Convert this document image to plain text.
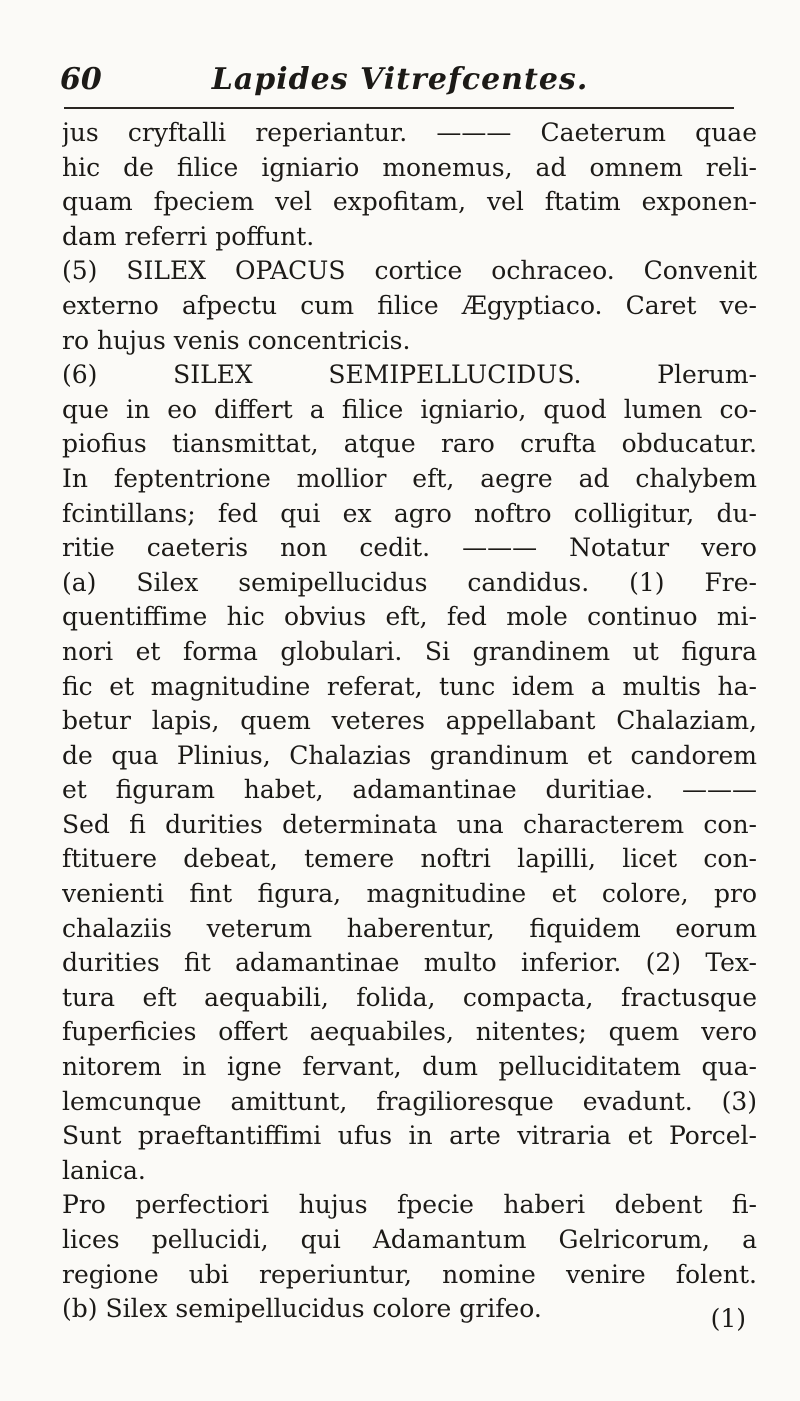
60	Lapides Vitrefcentes.
jus cryftalli reperiantur. ——— Caeterum quae
hic de filice igniario monemus, ad omnem reli-
quam fpeciem vel expofitam, vel ftatim exponen-
dam referri poffunt.
(5) SILEX OPACUS cortice ochraceo. Convenit
externo afpectu cum filice Ægyptiaco. Caret ve-
ro hujus venis concentricis.
(6) SILEX SEMIPELLUCIDUS. Plerum-
que in eo differt a filice igniario, quod lumen co-
piofius tiansmittat, atque raro crufta obducatur.
In feptentrione mollior eft, aegre ad chalybem
fcintillans; fed qui ex agro noftro colligitur, du-
ritie caeteris non cedit. ——— Notatur vero
(a) Silex semipellucidus candidus. (1) Fre-
quentiffime hic obvius eft, fed mole continuo mi-
nori et forma globulari. Si grandinem ut figura
fic et magnitudine referat, tunc idem a multis ha-
betur lapis, quem veteres appellabant Chalaziam,
de qua Plinius, Chalazias grandinum et candorem
et figuram habet, adamantinae duritiae. ———
Sed fi durities determinata una characterem con-
ftituere debeat, temere noftri lapilli, licet con-
venienti fint figura, magnitudine et colore, pro
chalaziis veterum haberentur, fiquidem eorum
durities fit adamantinae multo inferior. (2) Tex-
tura eft aequabili, folida, compacta, fractusque
fuperficies offert aequabiles, nitentes; quem vero
nitorem in igne fervant, dum pelluciditatem qua-
lemcunque amittunt, fragilioresque evadunt. (3)
Sunt praeftantiffimi ufus in arte vitraria et Porcel-
lanica.
Pro perfectiori hujus fpecie haberi debent fi-
lices pellucidi, qui Adamantum Gelricorum, a
regione ubi reperiuntur, nomine venire folent.
(b) Silex semipellucidus colore grifeo.	(1)
